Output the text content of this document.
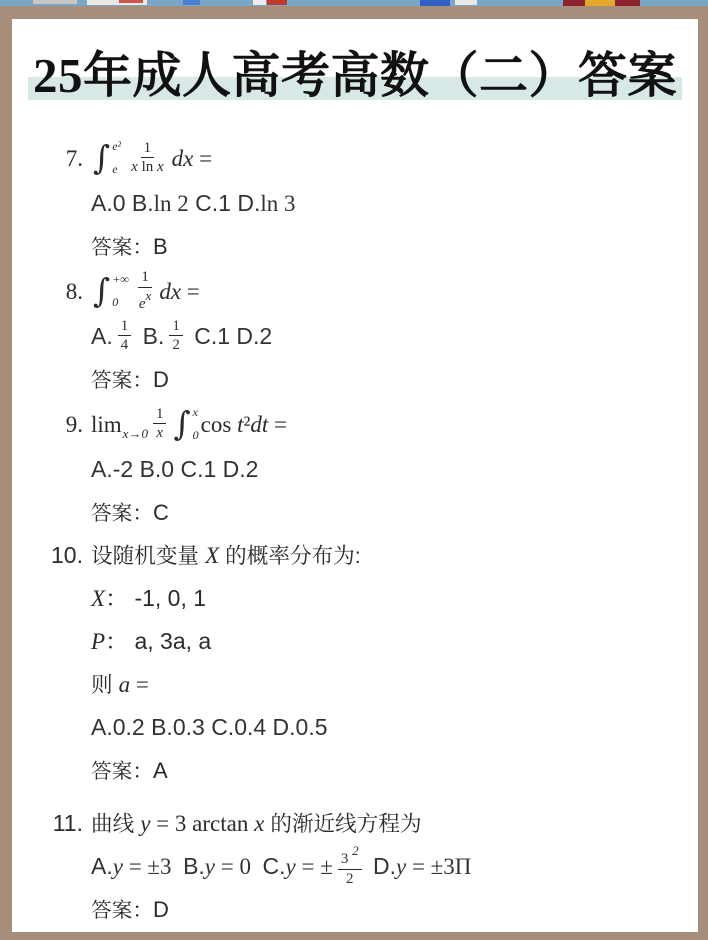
25年成人高考高数（二）答案
7. ∫ e²
e $\frac{1}{\text{x ln x}}$ dx =
A.0 B.ln 2 C.1 D.ln 3
答案：B
8. ∫ +∞
0	$\frac{1}{ex}$ dx =
A. $\frac{1}{4} B$. $\frac{1}{2} C.1$ D.2
答案：D
9. $\lim_{x\to 0} \frac{1}{x}$ ∫ x
0 cos t²dt =
A.-2 B.0 C.1 D.2
答案：C
10. 设随机变量 X 的概率分布为:
X： -1, 0, 1
P： a, 3a, a
则 a =
A.0.2 B.0.3 C.0.4 D.0.5
答案：A
11. 曲线 y = 3 arctan x 的渐近线方程为
A.y = ±3  B.y = 0  C.y = ± $\frac{3 2}{2} D.y = \pm 3\Pi$
答案：D
